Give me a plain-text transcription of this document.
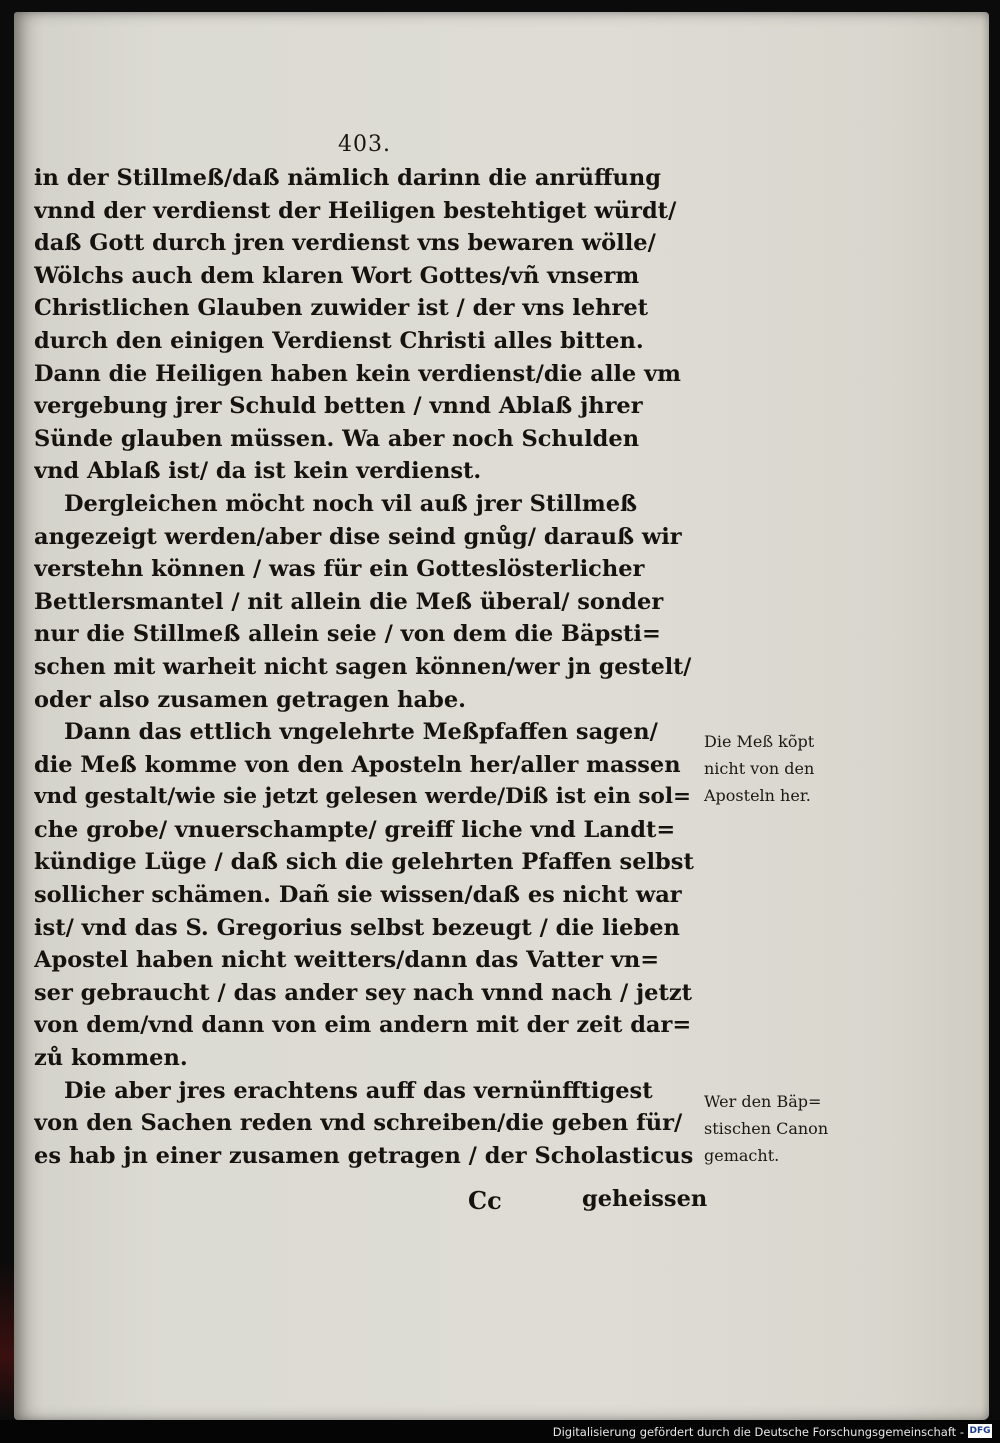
403.
in der Stillmeß/daß nämlich darinn die anrüffung
vnnd der verdienst der Heiligen bestehtiget würdt/
daß Gott durch jren verdienst vns bewaren wölle/
Wölchs auch dem klaren Wort Gottes/vñ vnserm
Christlichen Glauben zuwider ist / der vns lehret
durch den einigen Verdienst Christi alles bitten.
Dann die Heiligen haben kein verdienst/die alle vm
vergebung jrer Schuld betten / vnnd Ablaß jhrer
Sünde glauben müssen. Wa aber noch Schulden
vnd Ablaß ist/ da ist kein verdienst.
Dergleichen möcht noch vil auß jrer Stillmeß
angezeigt werden/aber dise seind gnůg/ darauß wir
verstehn können / was für ein Gotteslösterlicher
Bettlersmantel / nit allein die Meß überal/ sonder
nur die Stillmeß allein seie / von dem die Bäpsti=
schen mit warheit nicht sagen können/wer jn gestelt/
oder also zusamen getragen habe.
Dann das ettlich vngelehrte Meßpfaffen sagen/
die Meß komme von den Aposteln her/aller massen
vnd gestalt/wie sie jetzt gelesen werde/Diß ist ein sol=
che grobe/ vnuerschampte/ greiff liche vnd Landt=
kündige Lüge / daß sich die gelehrten Pfaffen selbst
sollicher schämen. Dañ sie wissen/daß es nicht war
ist/ vnd das S. Gregorius selbst bezeugt / die lieben
Apostel haben nicht weitters/dann das Vatter vn=
ser gebraucht / das ander sey nach vnnd nach / jetzt
von dem/vnd dann von eim andern mit der zeit dar=
zů kommen.
Die aber jres erachtens auff das vernünfftigest
von den Sachen reden vnd schreiben/die geben für/
es hab jn einer zusamen getragen / der Scholasticus
Die Meß kõpt
nicht von den
Aposteln her.
Wer den Bäp=
stischen Canon
gemacht.
Cc	geheissen
Digitalisierung gefördert durch die Deutsche Forschungsgemeinschaft - DFG
